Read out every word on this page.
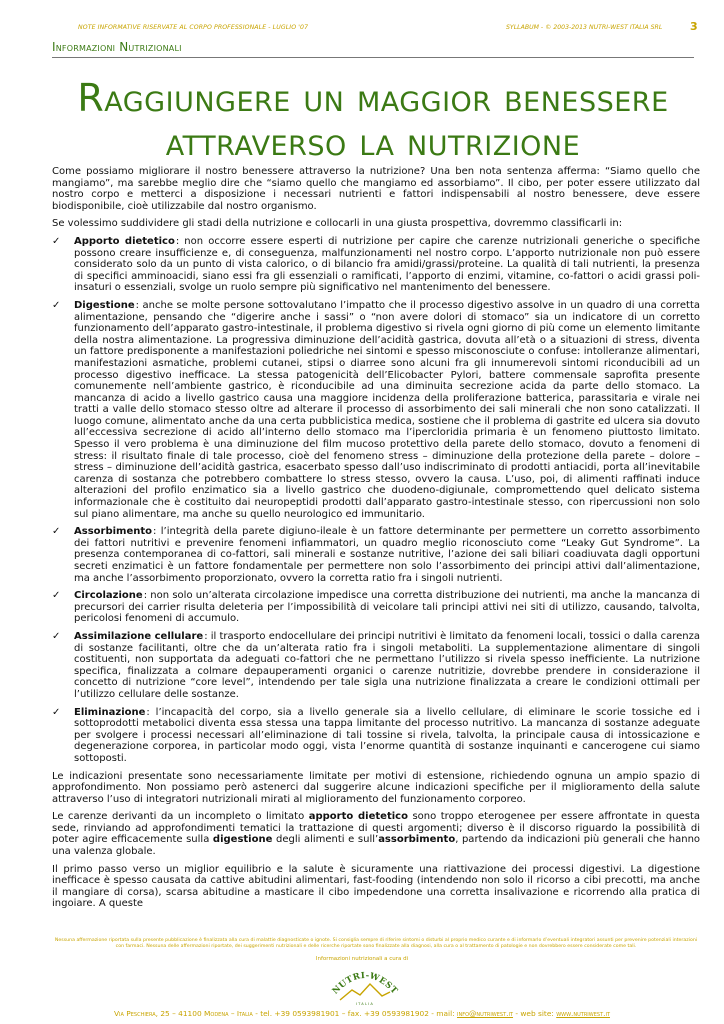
NOTE INFORMATIVE RISERVATE AL CORPO PROFESSIONALE - LUGLIO '07	SYLLABUM - © 2003-2013 NUTRI-WEST ITALIA SRL	3
Informazioni Nutrizionali
Raggiungere un maggior benessere
attraverso la nutrizione

Come possiamo migliorare il nostro benessere attraverso la nutrizione? Una ben nota sentenza afferma: “Siamo quello che mangiamo”, ma sarebbe meglio dire che “siamo quello che mangiamo ed assorbiamo”. Il cibo, per poter essere utilizzato dal nostro corpo e metterci a disposizione i necessari nutrienti e fattori indispensabili al nostro benessere, deve essere biodisponibile, cioè utilizzabile dal nostro organismo.

Se volessimo suddividere gli stadi della nutrizione e collocarli in una giusta prospettiva, dovremmo classificarli in:

✓ Apporto dietetico: non occorre essere esperti di nutrizione per capire che carenze nutrizionali generiche o specifiche possono creare insufficienze e, di conseguenza, malfunzionamenti nel nostro corpo. L’apporto nutrizionale non può essere considerato solo da un punto di vista calorico, o di bilancio fra amidi/grassi/proteine. La qualità di tali nutrienti, la presenza di specifici amminoacidi, siano essi fra gli essenziali o ramificati, l’apporto di enzimi, vitamine, co-fattori o acidi grassi poli-insaturi o essenziali, svolge un ruolo sempre più significativo nel mantenimento del benessere.
✓ Digestione: anche se molte persone sottovalutano l’impatto che il processo digestivo assolve in un quadro di una corretta alimentazione, pensando che “digerire anche i sassi” o “non avere dolori di stomaco” sia un indicatore di un corretto funzionamento dell’apparato gastro-intestinale, il problema digestivo si rivela ogni giorno di più come un elemento limitante della nostra alimentazione. La progressiva diminuzione dell’acidità gastrica, dovuta all’età o a situazioni di stress, diventa un fattore predisponente a manifestazioni poliedriche nei sintomi e spesso misconosciute o confuse: intolleranze alimentari, manifestazioni asmatiche, problemi cutanei, stipsi o diarree sono alcuni fra gli innumerevoli sintomi riconducibili ad un processo digestivo inefficace. La stessa patogenicità dell’Elicobacter Pylori, battere commensale saprofita presente comunemente nell’ambiente gastrico, è riconducibile ad una diminuita secrezione acida da parte dello stomaco. La mancanza di acido a livello gastrico causa una maggiore incidenza della proliferazione batterica, parassitaria e virale nei tratti a valle dello stomaco stesso oltre ad alterare il processo di assorbimento dei sali minerali che non sono catalizzati. Il luogo comune, alimentato anche da una certa pubblicistica medica, sostiene che il problema di gastrite ed ulcera sia dovuto all’eccessiva secrezione di acido all’interno dello stomaco ma l’ipercloridia primaria è un fenomeno piuttosto limitato. Spesso il vero problema è una diminuzione del film mucoso protettivo della parete dello stomaco, dovuto a fenomeni di stress: il risultato finale di tale processo, cioè del fenomeno stress – diminuzione della protezione della parete – dolore – stress – diminuzione dell’acidità gastrica, esacerbato spesso dall’uso indiscriminato di prodotti antiacidi, porta all’inevitabile carenza di sostanza che potrebbero combattere lo stress stesso, ovvero la causa. L’uso, poi, di alimenti raffinati induce alterazioni del profilo enzimatico sia a livello gastrico che duodeno-digiunale, compromettendo quel delicato sistema informazionale che è costituito dai neuropeptidi prodotti dall’apparato gastro-intestinale stesso, con ripercussioni non solo sul piano alimentare, ma anche su quello neurologico ed immunitario.
✓ Assorbimento: l’integrità della parete digiuno-ileale è un fattore determinante per permettere un corretto assorbimento dei fattori nutritivi e prevenire fenomeni infiammatori, un quadro meglio riconosciuto come “Leaky Gut Syndrome”. La presenza contemporanea di co-fattori, sali minerali e sostanze nutritive, l’azione dei sali biliari coadiuvata dagli opportuni secreti enzimatici è un fattore fondamentale per permettere non solo l’assorbimento dei principi attivi dall’alimentazione, ma anche l’assorbimento proporzionato, ovvero la corretta ratio fra i singoli nutrienti.
✓ Circolazione: non solo un’alterata circolazione impedisce una corretta distribuzione dei nutrienti, ma anche la mancanza di precursori dei carrier risulta deleteria per l’impossibilità di veicolare tali principi attivi nei siti di utilizzo, causando, talvolta, pericolosi fenomeni di accumulo.
✓ Assimilazione cellulare: il trasporto endocellulare dei principi nutritivi è limitato da fenomeni locali, tossici o dalla carenza di sostanze facilitanti, oltre che da un’alterata ratio fra i singoli metaboliti. La supplementazione alimentare di singoli costituenti, non supportata da adeguati co-fattori che ne permettano l’utilizzo si rivela spesso inefficiente. La nutrizione specifica, finalizzata a colmare depauperamenti organici o carenze nutritizie, dovrebbe prendere in considerazione il concetto di nutrizione “core level”, intendendo per tale sigla una nutrizione finalizzata a creare le condizioni ottimali per l’utilizzo cellulare delle sostanze.
✓ Eliminazione: l’incapacità del corpo, sia a livello generale sia a livello cellulare, di eliminare le scorie tossiche ed i sottoprodotti metabolici diventa essa stessa una tappa limitante del processo nutritivo. La mancanza di sostanze adeguate per svolgere i processi necessari all’eliminazione di tali tossine si rivela, talvolta, la principale causa di intossicazione e degenerazione corporea, in particolar modo oggi, vista l’enorme quantità di sostanze inquinanti e cancerogene cui siamo sottoposti.

Le indicazioni presentate sono necessariamente limitate per motivi di estensione, richiedendo ognuna un ampio spazio di approfondimento. Non possiamo però astenerci dal suggerire alcune indicazioni specifiche per il miglioramento della salute attraverso l’uso di integratori nutrizionali mirati al miglioramento del funzionamento corporeo.

Le carenze derivanti da un incompleto o limitato apporto dietetico sono troppo eterogenee per essere affrontate in questa sede, rinviando ad approfondimenti tematici la trattazione di questi argomenti; diverso è il discorso riguardo la possibilità di poter agire efficacemente sulla digestione degli alimenti e sull’assorbimento, partendo da indicazioni più generali che hanno una valenza globale.

Il primo passo verso un miglior equilibrio e la salute è sicuramente una riattivazione dei processi digestivi. La digestione inefficace è spesso causata da cattive abitudini alimentari, fast-fooding (intendendo non solo il ricorso a cibi precotti, ma anche il mangiare di corsa), scarsa abitudine a masticare il cibo impedendone una corretta insalivazione e ricorrendo alla pratica di ingoiare. A queste

Nessuna affermazione riportata sulla presente pubblicazione è finalizzata alla cura di malattie diagnosticate o ignote. Si consiglia sempre di riferire sintomi o disturbi al proprio medico curante e di informarlo d’eventuali integratori assunti per prevenire potenziali interazioni con farmaci. Nessuna delle affermazioni riportate, dei suggerimenti nutrizionali e delle ricerche riportate sono finalizzate alla diagnosi, alla cura o al trattamento di patologie e non dovrebbero essere considerate come tali.
Informazioni nutrizionali a cura di
NUTRI-WEST
ITALIA
Via Peschiera, 25 – 41100 Modena – Italia - tel. +39 0593981901 – fax. +39 0593981902 - mail: info@nutriwest.it - web site: www.nutriwest.it
